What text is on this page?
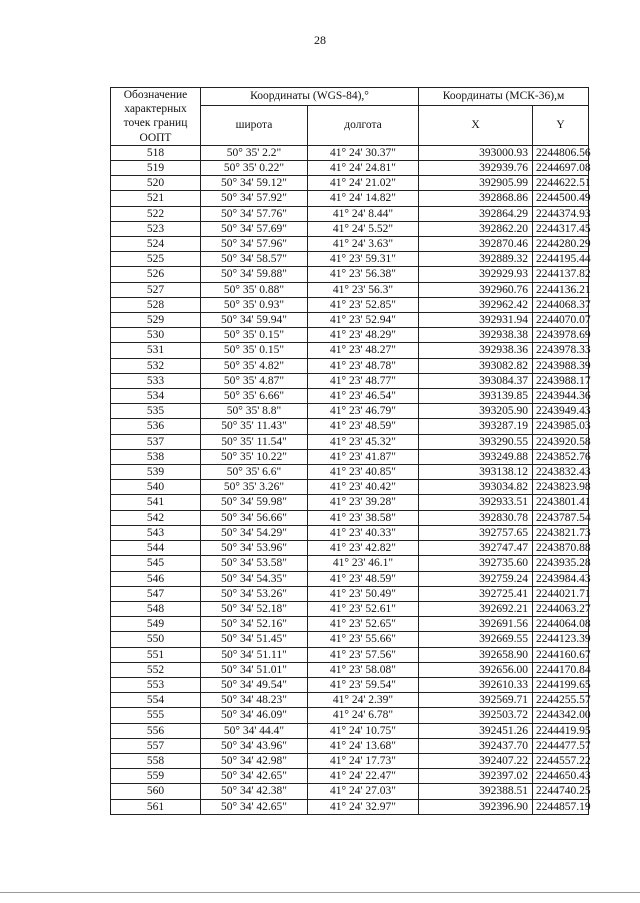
28
Обозначение
характерных
точек границ
ООПТ	Координаты (WGS-84),°		Координаты (МСК-36),м	
	широта	долгота	X	Y
518	50° 35' 2.2"	41° 24' 30.37"	393000.93	2244806.56
519	50° 35' 0.22"	41° 24' 24.81"	392939.76	2244697.08
520	50° 34' 59.12"	41° 24' 21.02"	392905.99	2244622.51
521	50° 34' 57.92"	41° 24' 14.82"	392868.86	2244500.49
522	50° 34' 57.76"	41° 24' 8.44"	392864.29	2244374.93
523	50° 34' 57.69"	41° 24' 5.52"	392862.20	2244317.45
524	50° 34' 57.96"	41° 24' 3.63"	392870.46	2244280.29
525	50° 34' 58.57"	41° 23' 59.31"	392889.32	2244195.44
526	50° 34' 59.88"	41° 23' 56.38"	392929.93	2244137.82
527	50° 35' 0.88"	41° 23' 56.3"	392960.76	2244136.21
528	50° 35' 0.93"	41° 23' 52.85"	392962.42	2244068.37
529	50° 34' 59.94"	41° 23' 52.94"	392931.94	2244070.07
530	50° 35' 0.15"	41° 23' 48.29"	392938.38	2243978.69
531	50° 35' 0.15"	41° 23' 48.27"	392938.36	2243978.33
532	50° 35' 4.82"	41° 23' 48.78"	393082.82	2243988.39
533	50° 35' 4.87"	41° 23' 48.77"	393084.37	2243988.17
534	50° 35' 6.66"	41° 23' 46.54"	393139.85	2243944.36
535	50° 35' 8.8"	41° 23' 46.79"	393205.90	2243949.43
536	50° 35' 11.43"	41° 23' 48.59"	393287.19	2243985.03
537	50° 35' 11.54"	41° 23' 45.32"	393290.55	2243920.58
538	50° 35' 10.22"	41° 23' 41.87"	393249.88	2243852.76
539	50° 35' 6.6"	41° 23' 40.85"	393138.12	2243832.43
540	50° 35' 3.26"	41° 23' 40.42"	393034.82	2243823.98
541	50° 34' 59.98"	41° 23' 39.28"	392933.51	2243801.41
542	50° 34' 56.66"	41° 23' 38.58"	392830.78	2243787.54
543	50° 34' 54.29"	41° 23' 40.33"	392757.65	2243821.73
544	50° 34' 53.96"	41° 23' 42.82"	392747.47	2243870.88
545	50° 34' 53.58"	41° 23' 46.1"	392735.60	2243935.28
546	50° 34' 54.35"	41° 23' 48.59"	392759.24	2243984.43
547	50° 34' 53.26"	41° 23' 50.49"	392725.41	2244021.71
548	50° 34' 52.18"	41° 23' 52.61"	392692.21	2244063.27
549	50° 34' 52.16"	41° 23' 52.65"	392691.56	2244064.08
550	50° 34' 51.45"	41° 23' 55.66"	392669.55	2244123.39
551	50° 34' 51.11"	41° 23' 57.56"	392658.90	2244160.67
552	50° 34' 51.01"	41° 23' 58.08"	392656.00	2244170.84
553	50° 34' 49.54"	41° 23' 59.54"	392610.33	2244199.65
554	50° 34' 48.23"	41° 24' 2.39"	392569.71	2244255.57
555	50° 34' 46.09"	41° 24' 6.78"	392503.72	2244342.00
556	50° 34' 44.4"	41° 24' 10.75"	392451.26	2244419.95
557	50° 34' 43.96"	41° 24' 13.68"	392437.70	2244477.57
558	50° 34' 42.98"	41° 24' 17.73"	392407.22	2244557.22
559	50° 34' 42.65"	41° 24' 22.47"	392397.02	2244650.43
560	50° 34' 42.38"	41° 24' 27.03"	392388.51	2244740.25
561	50° 34' 42.65"	41° 24' 32.97"	392396.90	2244857.19
